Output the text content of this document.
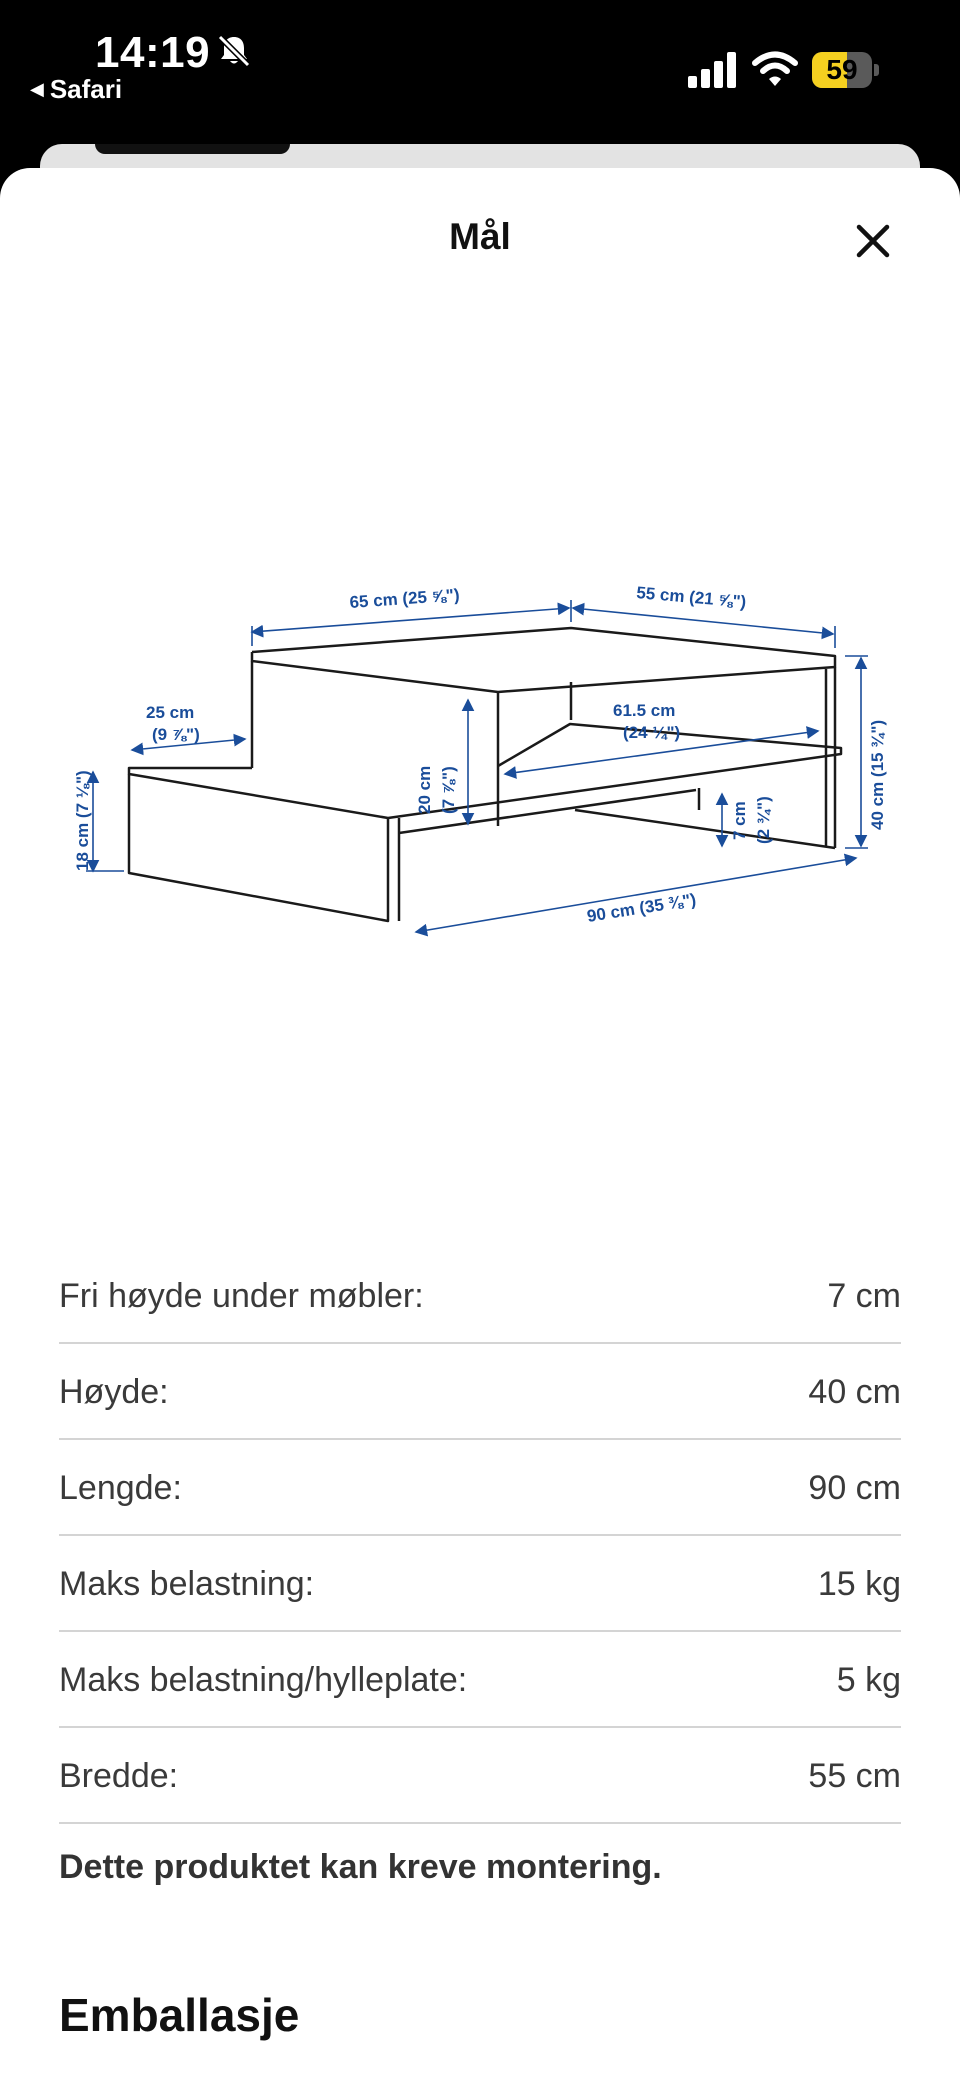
14:19
◀ Safari
59
Mål
65 cm (25 ⅝")	55 cm (21 ⅝")
25 cm
(9 ⅞")
20 cm (7 ⅞")
61.5 cm
(24 ¼")	40 cm (15 ¾")
18 cm (7 ⅛")	7 cm (2 ¾")
90 cm (35 ⅜")
Fri høyde under møbler:	7 cm
Høyde:	40 cm
Lengde:	90 cm
Maks belastning:	15 kg
Maks belastning/hylleplate:	5 kg
Bredde:	55 cm
Dette produktet kan kreve montering.
Emballasje
